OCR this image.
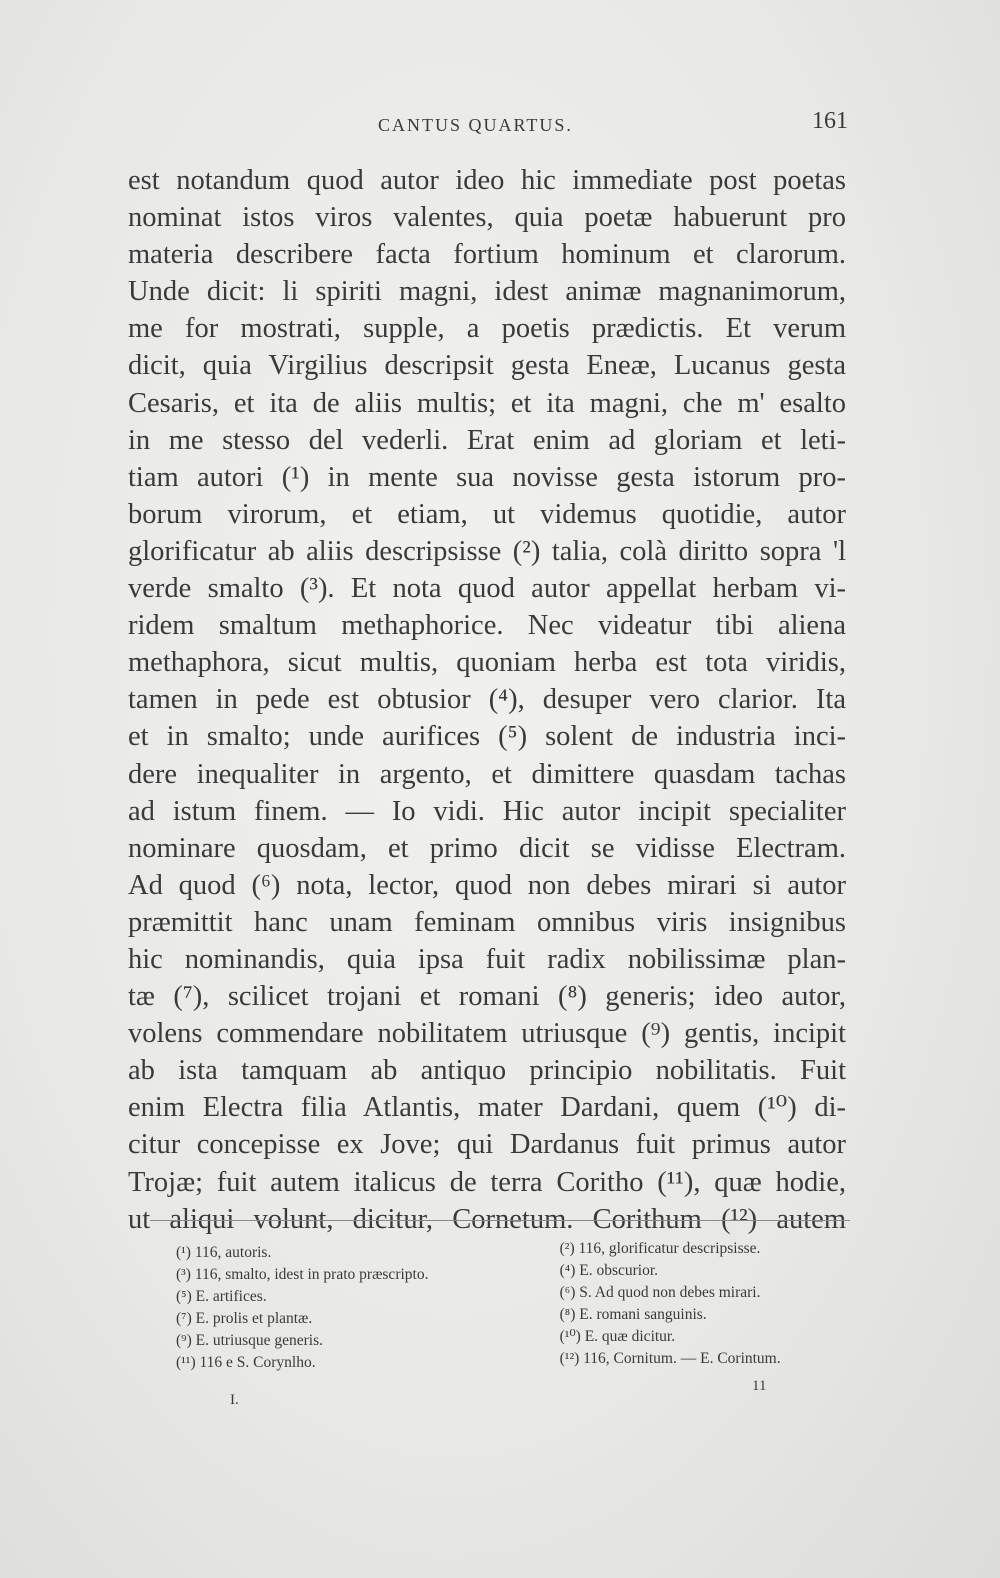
CANTUS QUARTUS.	161
est notandum quod autor ideo hic immediate post poetas
nominat istos viros valentes, quia poetæ habuerunt pro
materia describere facta fortium hominum et clarorum.
Unde dicit: li spiriti magni, idest animæ magnanimorum,
me for mostrati, supple, a poetis prædictis. Et verum
dicit, quia Virgilius descripsit gesta Eneæ, Lucanus gesta
Cesaris, et ita de aliis multis; et ita magni, che m' esalto
in me stesso del vederli. Erat enim ad gloriam et leti-
tiam autori (¹) in mente sua novisse gesta istorum pro-
borum virorum, et etiam, ut videmus quotidie, autor
glorificatur ab aliis descripsisse (²) talia, colà diritto sopra 'l
verde smalto (³). Et nota quod autor appellat herbam vi-
ridem smaltum methaphorice. Nec videatur tibi aliena
methaphora, sicut multis, quoniam herba est tota viridis,
tamen in pede est obtusior (⁴), desuper vero clarior. Ita
et in smalto; unde aurifices (⁵) solent de industria inci-
dere inequaliter in argento, et dimittere quasdam tachas
ad istum finem. — Io vidi. Hic autor incipit specialiter
nominare quosdam, et primo dicit se vidisse Electram.
Ad quod (⁶) nota, lector, quod non debes mirari si autor
præmittit hanc unam feminam omnibus viris insignibus
hic nominandis, quia ipsa fuit radix nobilissimæ plan-
tæ (⁷), scilicet trojani et romani (⁸) generis; ideo autor,
volens commendare nobilitatem utriusque (⁹) gentis, incipit
ab ista tamquam ab antiquo principio nobilitatis. Fuit
enim Electra filia Atlantis, mater Dardani, quem (¹⁰) di-
citur concepisse ex Jove; qui Dardanus fuit primus autor
Trojæ; fuit autem italicus de terra Coritho (¹¹), quæ hodie,
ut aliqui volunt, dicitur, Cornetum. Corithum (¹²) autem
(¹) 116, autoris.
(³) 116, smalto, idest in prato præscripto.
(⁵) E. artifices.
(⁷) E. prolis et plantæ.
(⁹) E. utriusque generis.
(¹¹) 116 e S. Corynlho.
(²) 116, glorificatur descripsisse.
(⁴) E. obscurior.
(⁶) S. Ad quod non debes mirari.
(⁸) E. romani sanguinis.
(¹⁰) E. quæ dicitur.
(¹²) 116, Cornitum. — E. Corintum.
I.
11
